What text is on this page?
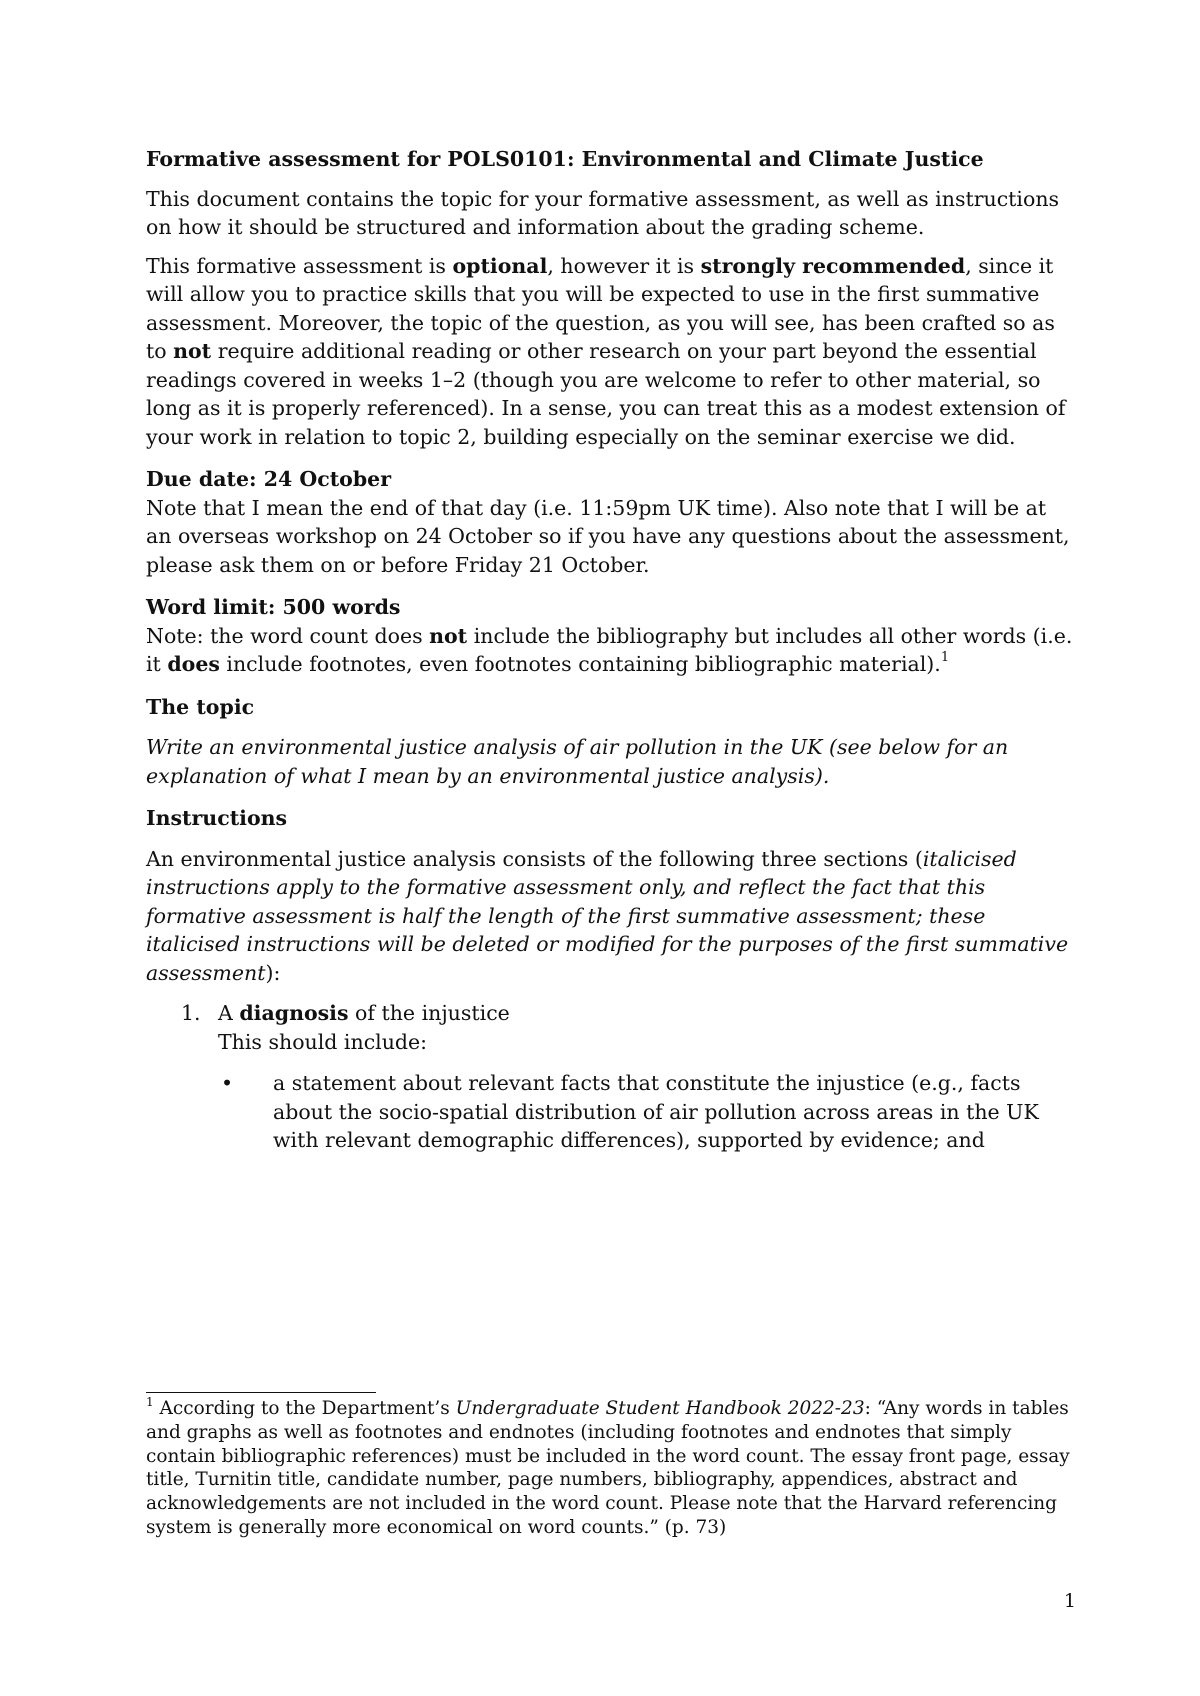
Formative assessment for POLS0101: Environmental and Climate Justice

This document contains the topic for your formative assessment, as well as instructions on how it should be structured and information about the grading scheme.

This formative assessment is optional, however it is strongly recommended, since it will allow you to practice skills that you will be expected to use in the first summative assessment. Moreover, the topic of the question, as you will see, has been crafted so as to not require additional reading or other research on your part beyond the essential readings covered in weeks 1–2 (though you are welcome to refer to other material, so long as it is properly referenced). In a sense, you can treat this as a modest extension of your work in relation to topic 2, building especially on the seminar exercise we did.

Due date: 24 October

Note that I mean the end of that day (i.e. 11:59pm UK time). Also note that I will be at an overseas workshop on 24 October so if you have any questions about the assessment, please ask them on or before Friday 21 October.

Word limit: 500 words

Note: the word count does not include the bibliography but includes all other words (i.e. it does include footnotes, even footnotes containing bibliographic material).$^1$

The topic

Write an environmental justice analysis of air pollution in the UK (see below for an explanation of what I mean by an environmental justice analysis).

Instructions

An environmental justice analysis consists of the following three sections (italicised instructions apply to the formative assessment only, and reflect the fact that this formative assessment is half the length of the first summative assessment; these italicised instructions will be deleted or modified for the purposes of the first summative assessment):

1. A diagnosis of the injustice
This should include:
• a statement about relevant facts that constitute the injustice (e.g., facts about the socio-spatial distribution of air pollution across areas in the UK with relevant demographic differences), supported by evidence; and
$^1$ According to the Department’s Undergraduate Student Handbook 2022-23: “Any words in tables and graphs as well as footnotes and endnotes (including footnotes and endnotes that simply contain bibliographic references) must be included in the word count. The essay front page, essay title, Turnitin title, candidate number, page numbers, bibliography, appendices, abstract and acknowledgements are not included in the word count. Please note that the Harvard referencing system is generally more economical on word counts.” (p. 73)
1
